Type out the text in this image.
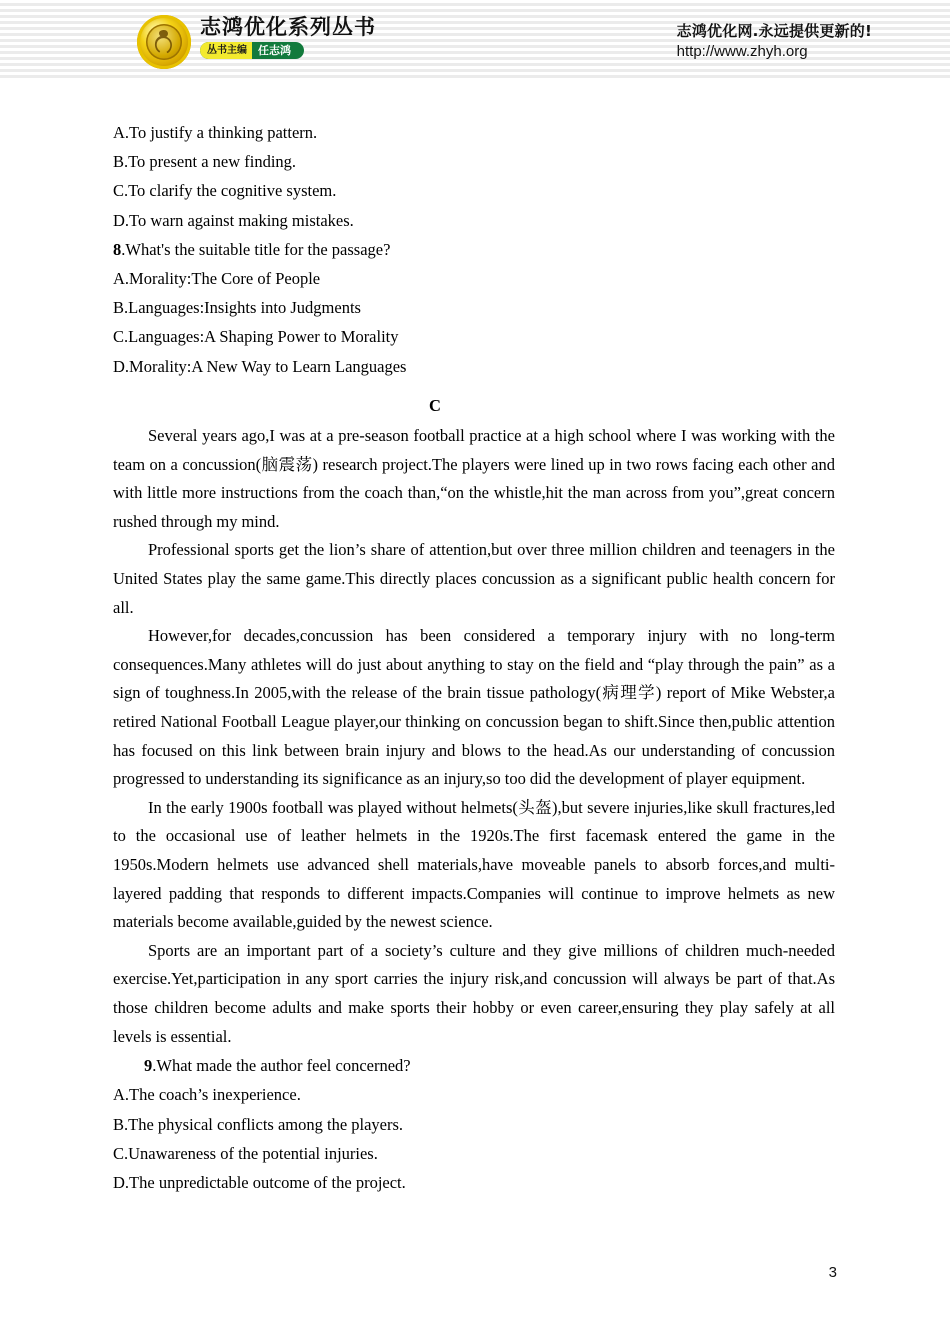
志鸿优化系列丛书
丛书主编	任志鸿
志鸿优化网.永远提供更新的!
http://www.zhyh.org
A.To justify a thinking pattern.
B.To present a new finding.
C.To clarify the cognitive system.
D.To warn against making mistakes.
8.What's the suitable title for the passage?
A.Morality:The Core of People
B.Languages:Insights into Judgments
C.Languages:A Shaping Power to Morality
D.Morality:A New Way to Learn Languages
C

Several years ago,I was at a pre-season football practice at a high school where I was working with the team on a concussion(脑震荡) research project.The players were lined up in two rows facing each other and with little more instructions from the coach than,“on the whistle,hit the man across from you”,great concern rushed through my mind.

Professional sports get the lion’s share of attention,but over three million children and teenagers in the United States play the same game.This directly places concussion as a significant public health concern for all.

However,for decades,concussion has been considered a temporary injury with no long-term consequences.Many athletes will do just about anything to stay on the field and “play through the pain” as a sign of toughness.In 2005,with the release of the brain tissue pathology(病理学) report of Mike Webster,a retired National Football League player,our thinking on concussion began to shift.Since then,public attention has focused on this link between brain injury and blows to the head.As our understanding of concussion progressed to understanding its significance as an injury,so too did the development of player equipment.

In the early 1900s football was played without helmets(头盔),but severe injuries,like skull fractures,led to the occasional use of leather helmets in the 1920s.The first facemask entered the game in the 1950s.Modern helmets use advanced shell materials,have moveable panels to absorb forces,and multi-layered padding that responds to different impacts.Companies will continue to improve helmets as new materials become available,guided by the newest science.

Sports are an important part of a society’s culture and they give millions of children much-needed exercise.Yet,participation in any sport carries the injury risk,and concussion will always be part of that.As those children become adults and make sports their hobby or even career,ensuring they play safely at all levels is essential.

9.What made the author feel concerned?
A.The coach’s inexperience.
B.The physical conflicts among the players.
C.Unawareness of the potential injuries.
D.The unpredictable outcome of the project.
3
